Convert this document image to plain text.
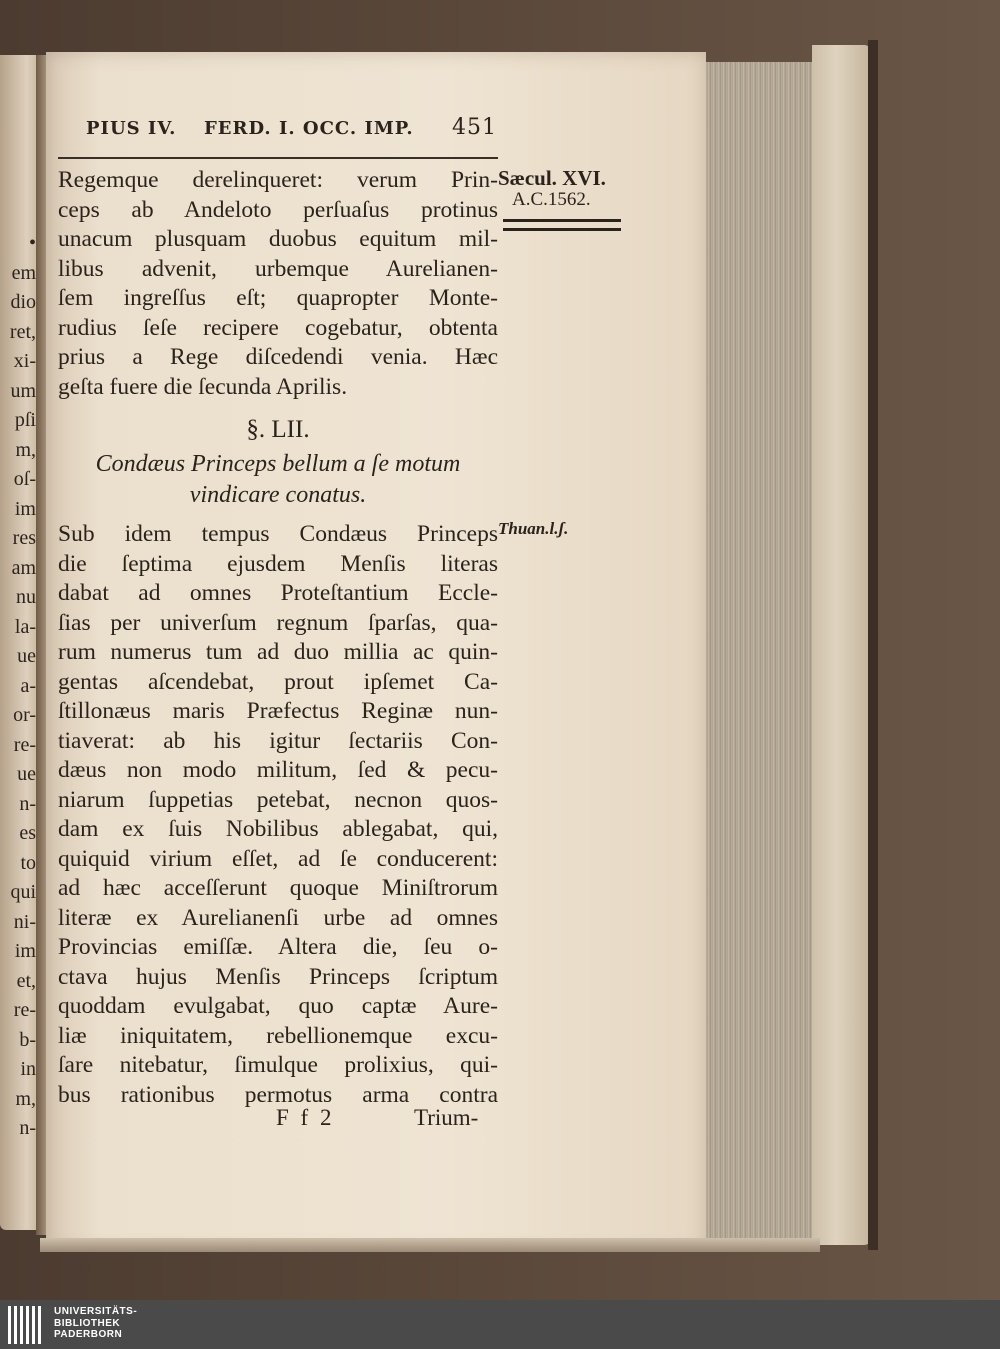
•
em
dio
ret,
xi-
um
pſi
m,
oſ-
im
res
am
nu
la-
ue
a-
or-
re-
ue
n-
es
to
qui
ni-
im
et,
re-
b-
in
m,
n-
PIUS IV. FERD. I. OCC. IMP. 451
Sæcul. XVI.
A.C.1562.
Thuan.l.ʃ.
Regemque derelinqueret: verum Prin-
ceps ab Andeloto perſuaſus protinus
unacum plusquam duobus equitum mil-
libus advenit, urbemque Aurelianen-
ſem ingreſſus eſt; quapropter Monte-
rudius ſeſe recipere cogebatur, obtenta
prius a Rege diſcedendi venia. Hæc
geſta fuere die ſecunda Aprilis.
§. LII.
Condæus Princeps bellum a ſe motum
vindicare conatus.
Sub idem tempus Condæus Princeps
die ſeptima ejusdem Menſis literas
dabat ad omnes Proteſtantium Eccle-
ſias per univerſum regnum ſparſas, qua-
rum numerus tum ad duo millia ac quin-
gentas aſcendebat, prout ipſemet Ca-
ſtillonæus maris Præfectus Reginæ nun-
tiaverat: ab his igitur ſectariis Con-
dæus non modo militum, ſed & pecu-
niarum ſuppetias petebat, necnon quos-
dam ex ſuis Nobilibus ablegabat, qui,
quiquid virium eſſet, ad ſe conducerent:
ad hæc acceſſerunt quoque Miniſtrorum
literæ ex Aurelianenſi urbe ad omnes
Provincias emiſſæ. Altera die, ſeu o-
ctava hujus Menſis Princeps ſcriptum
quoddam evulgabat, quo captæ Aure-
liæ iniquitatem, rebellionemque excu-
ſare nitebatur, ſimulque prolixius, qui-
bus rationibus permotus arma contra
F f 2	Trium-
UNIVERSITÄTS-
BIBLIOTHEK
PADERBORN
